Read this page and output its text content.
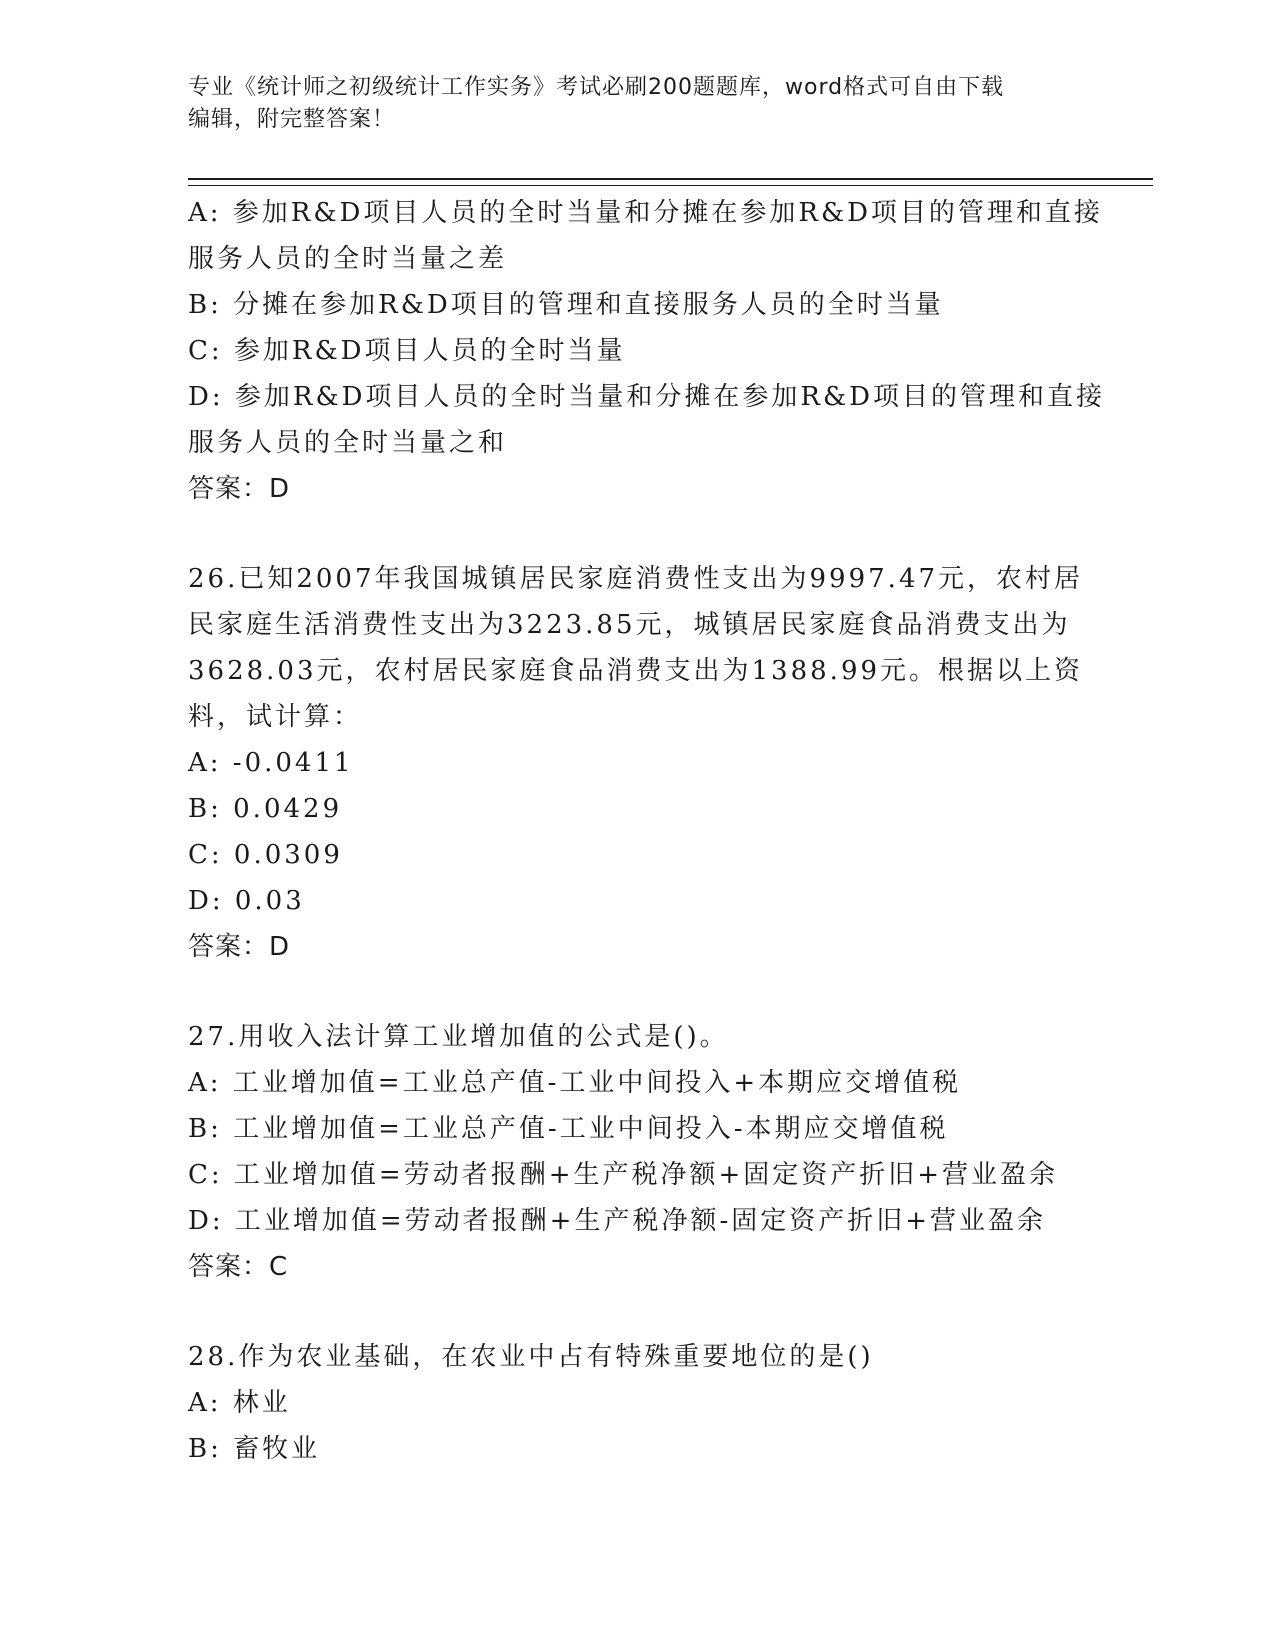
专业《统计师之初级统计工作实务》考试必刷200题题库，word格式可自由下载
编辑，附完整答案！
A: 参加R&D项目人员的全时当量和分摊在参加R&D项目的管理和直接
服务人员的全时当量之差
B: 分摊在参加R&D项目的管理和直接服务人员的全时当量
C: 参加R&D项目人员的全时当量
D: 参加R&D项目人员的全时当量和分摊在参加R&D项目的管理和直接
服务人员的全时当量之和
答案：D
26.已知2007年我国城镇居民家庭消费性支出为9997.47元，农村居
民家庭生活消费性支出为3223.85元，城镇居民家庭食品消费支出为
3628.03元，农村居民家庭食品消费支出为1388.99元。根据以上资
料，试计算：
A: -0.0411
B: 0.0429
C: 0.0309
D: 0.03
答案：D
27.用收入法计算工业增加值的公式是()。
A: 工业增加值=工业总产值-工业中间投入+本期应交增值税
B: 工业增加值=工业总产值-工业中间投入-本期应交增值税
C: 工业增加值=劳动者报酬+生产税净额+固定资产折旧+营业盈余
D: 工业增加值=劳动者报酬+生产税净额-固定资产折旧+营业盈余
答案：C
28.作为农业基础，在农业中占有特殊重要地位的是()
A: 林业
B: 畜牧业
